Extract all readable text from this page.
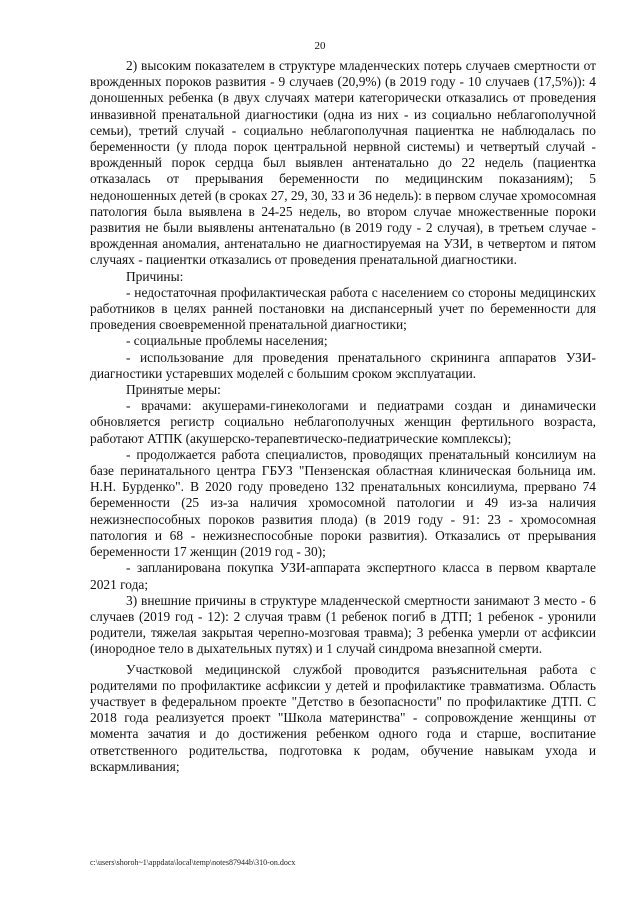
20

2) высоким показателем в структуре младенческих потерь случаев смертности от врожденных пороков развития - 9 случаев (20,9%) (в 2019 году - 10 случаев (17,5%)): 4 доношенных ребенка (в двух случаях матери категорически отказались от проведения инвазивной пренатальной диагностики (одна из них - из социально неблагополучной семьи), третий случай - социально неблагополучная пациентка не наблюдалась по беременности (у плода порок центральной нервной системы) и четвертый случай - врожденный порок сердца был выявлен антенатально до 22 недель (пациентка отказалась от прерывания беременности по медицинским показаниям); 5 недоношенных детей (в сроках 27, 29, 30, 33 и 36 недель): в первом случае хромосомная патология была выявлена в 24-25 недель, во втором случае множественные пороки развития не были выявлены антенатально (в 2019 году - 2 случая), в третьем случае - врожденная аномалия, антенатально не диагностируемая на УЗИ, в четвертом и пятом случаях - пациентки отказались от проведения пренатальной диагностики.

Причины:

- недостаточная профилактическая работа с населением со стороны медицинских работников в целях ранней постановки на диспансерный учет по беременности для проведения своевременной пренатальной диагностики;

- социальные проблемы населения;

- использование для проведения пренатального скрининга аппаратов УЗИ-диагностики устаревших моделей с большим сроком эксплуатации.

Принятые меры:

- врачами: акушерами-гинекологами и педиатрами создан и динамически обновляется регистр социально неблагополучных женщин фертильного возраста, работают АТПК (акушерско-терапевтическо-педиатрические комплексы);

- продолжается работа специалистов, проводящих пренатальный консилиум на базе перинатального центра ГБУЗ "Пензенская областная клиническая больница им. Н.Н. Бурденко". В 2020 году проведено 132 пренатальных консилиума, прервано 74 беременности (25 из-за наличия хромосомной патологии и 49 из-за наличия нежизнеспособных пороков развития плода) (в 2019 году - 91: 23 - хромосомная патология и 68 - нежизнеспособные пороки развития). Отказались от прерывания беременности 17 женщин (2019 год - 30);

- запланирована покупка УЗИ-аппарата экспертного класса в первом квартале 2021 года;

3) внешние причины в структуре младенческой смертности занимают 3 место - 6 случаев (2019 год - 12): 2 случая травм (1 ребенок погиб в ДТП; 1 ребенок - уронили родители, тяжелая закрытая черепно-мозговая травма); 3 ребенка умерли от асфиксии (инородное тело в дыхательных путях) и 1 случай синдрома внезапной смерти.

Участковой медицинской службой проводится разъяснительная работа с родителями по профилактике асфиксии у детей и профилактике травматизма. Область участвует в федеральном проекте "Детство в безопасности" по профилактике ДТП. С 2018 года реализуется проект "Школа материнства" - сопровождение женщины от момента зачатия и до достижения ребенком одного года и старше, воспитание ответственного родительства, подготовка к родам, обучение навыкам ухода и вскармливания;

c:\users\shoroh~1\appdata\local\temp\notes87944b\310-on.docx
